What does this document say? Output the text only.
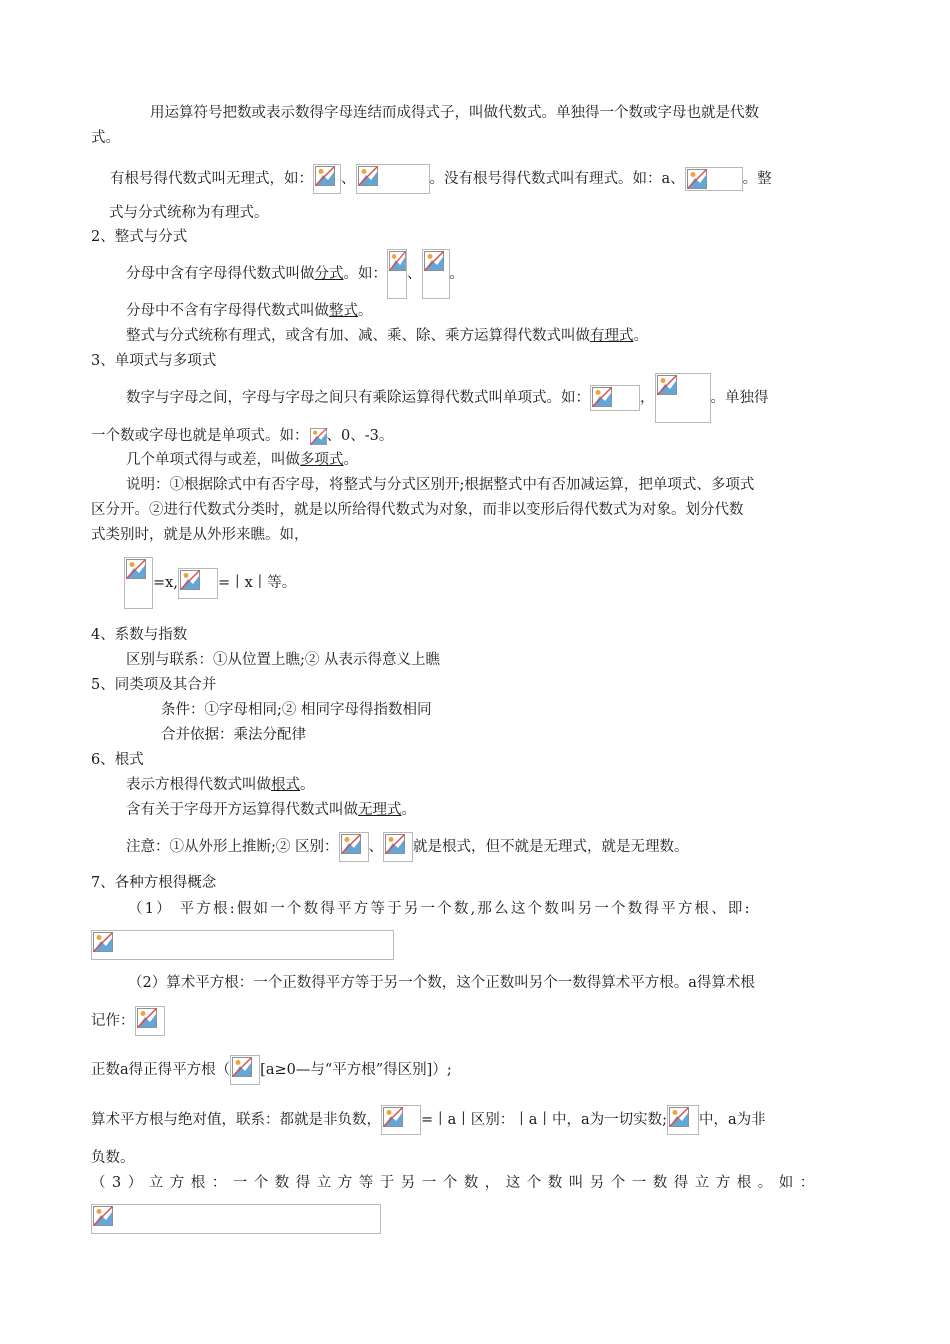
用运算符号把数或表示数得字母连结而成得式子，叫做代数式。单独得一个数或字母也就是代数
式。
有根号得代数式叫无理式，如： 、	。没有根号得代数式叫有理式。如：a、	。整
式与分式统称为有理式。
2、整式与分式
分母中含有字母得代数式叫做 分式 。如： 、 。
分母中不含有字母得代数式叫做整式。
整式与分式统称有理式，或含有加、减、乘、除、乘方运算得代数式叫做有理式。
3、单项式与多项式
数字与字母之间，字母与字母之间只有乘除运算得代数式叫单项式。如：	，	。单独得
一个数或字母也就是单项式。如： 、0、-3。
几个单项式得与或差，叫做多项式。
说明：①根据除式中有否字母，将整式与分式区别开;根据整式中有否加减运算，把单项式、多项式
区分开。②进行代数式分类时，就是以所给得代数式为对象，而非以变形后得代数式为对象。划分代数
式类别时，就是从外形来瞧。如，
=x,	=丨x丨等。
4、系数与指数
区别与联系：①从位置上瞧;② 从表示得意义上瞧
5、同类项及其合并
条件：①字母相同;② 相同字母得指数相同
合并依据：乘法分配律
6、根式
表示方根得代数式叫做根式。
含有关于字母开方运算得代数式叫做无理式。
注意：①从外形上推断;② 区别： 、 就是根式，但不就是无理式，就是无理数。
7、各种方根得概念
（1） 平方根:假如一个数得平方等于另一个数,那么这个数叫另一个数得平方根、即:
（2）算术平方根：一个正数得平方等于另一个数，这个正数叫另个一数得算术平方根。a得算术根
记作：
正数a得正得平方根（ [a≥0—与“平方根”得区别]）;
算术平方根与绝对值，联系：都就是非负数，	=丨a丨区别：丨a丨中，a为一切实数; 中，a为非
负数。
（3）立方根：一个数得立方等于另一个数，这个数叫另个一数得立方根。如：
